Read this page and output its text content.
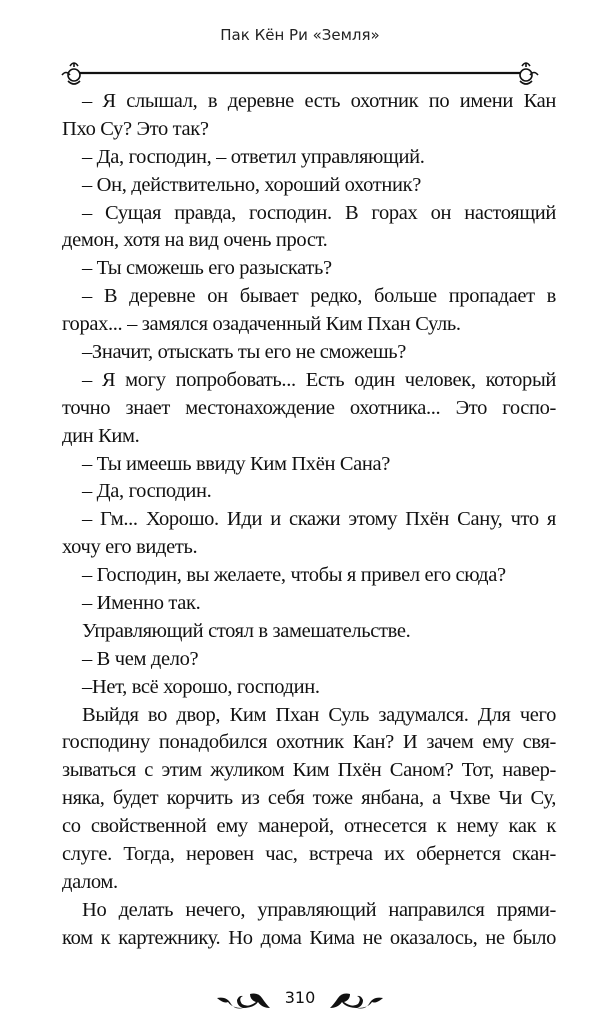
Пак Кён Ри «Земля»
– Я слышал, в деревне есть охотник по имени Кан
Пхо Су? Это так?
– Да, господин, – ответил управляющий.
– Он, действительно, хороший охотник?
– Сущая правда, господин. В горах он настоящий
демон, хотя на вид очень прост.
– Ты сможешь его разыскать?
– В деревне он бывает редко, больше пропадает в
горах... – замялся озадаченный Ким Пхан Суль.
–Значит, отыскать ты его не сможешь?
– Я могу попробовать... Есть один человек, который
точно знает местонахождение охотника... Это госпо-
дин Ким.
– Ты имеешь ввиду Ким Пхён Сана?
– Да, господин.
– Гм... Хорошо. Иди и скажи этому Пхён Сану, что я
хочу его видеть.
– Господин, вы желаете, чтобы я привел его сюда?
– Именно так.
Управляющий стоял в замешательстве.
– В чем дело?
–Нет, всё хорошо, господин.
Выйдя во двор, Ким Пхан Суль задумался. Для чего
господину понадобился охотник Кан? И зачем ему свя-
зываться с этим жуликом Ким Пхён Саном? Тот, навер-
няка, будет корчить из себя тоже янбана, а Чхве Чи Су,
со свойственной ему манерой, отнесется к нему как к
слуге. Тогда, неровен час, встреча их обернется скан-
далом.
Но делать нечего, управляющий направился прями-
ком к картежнику. Но дома Кима не оказалось, не было
310
